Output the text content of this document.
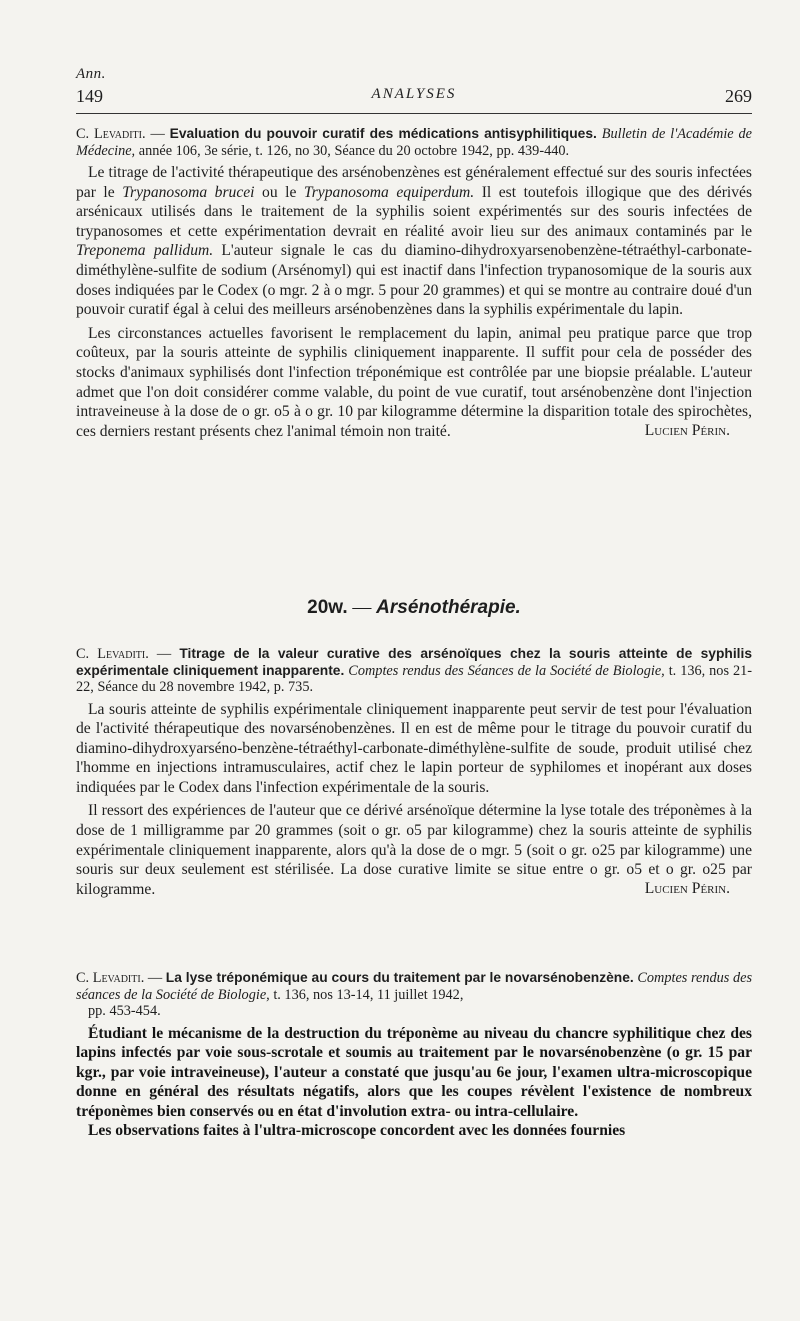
Ann.
149	ANALYSES	269

C. Levaditi. — Evaluation du pouvoir curatif des médications antisyphilitiques. Bulletin de l'Académie de Médecine, année 106, 3e série, t. 126, no 30, Séance du 20 octobre 1942, pp. 439-440.

Le titrage de l'activité thérapeutique des arsénobenzènes est généralement effectué sur des souris infectées par le Trypanosoma brucei ou le Trypanosoma equiperdum. Il est toutefois illogique que des dérivés arsénicaux utilisés dans le traitement de la syphilis soient expérimentés sur des souris infectées de trypanosomes et cette expérimentation devrait en réalité avoir lieu sur des animaux contaminés par le Treponema pallidum. L'auteur signale le cas du diamino-dihydroxyarsenobenzène-tétraéthyl-carbonate-diméthylène-sulfite de sodium (Arsénomyl) qui est inactif dans l'infection trypanosomique de la souris aux doses indiquées par le Codex (o mgr. 2 à o mgr. 5 pour 20 grammes) et qui se montre au contraire doué d'un pouvoir curatif égal à celui des meilleurs arsénobenzènes dans la syphilis expérimentale du lapin.

Les circonstances actuelles favorisent le remplacement du lapin, animal peu pratique parce que trop coûteux, par la souris atteinte de syphilis cliniquement inapparente. Il suffit pour cela de posséder des stocks d'animaux syphilisés dont l'infection tréponémique est contrôlée par une biopsie préalable. L'auteur admet que l'on doit considérer comme valable, du point de vue curatif, tout arsénobenzène dont l'injection intraveineuse à la dose de o gr. o5 à o gr. 10 par kilogramme détermine la disparition totale des spirochètes, ces derniers restant présents chez l'animal témoin non traité.	Lucien Périn.

20w. — Arsénothérapie.

C. Levaditi. — Titrage de la valeur curative des arsénoïques chez la souris atteinte de syphilis expérimentale cliniquement inapparente. Comptes rendus des Séances de la Société de Biologie, t. 136, nos 21-22, Séance du 28 novembre 1942, p. 735.

La souris atteinte de syphilis expérimentale cliniquement inapparente peut servir de test pour l'évaluation de l'activité thérapeutique des novarsénobenzènes. Il en est de même pour le titrage du pouvoir curatif du diamino-dihydroxyarséno-benzène-tétraéthyl-carbonate-diméthylène-sulfite de soude, produit utilisé chez l'homme en injections intramusculaires, actif chez le lapin porteur de syphilomes et inopérant aux doses indiquées par le Codex dans l'infection expérimentale de la souris.

Il ressort des expériences de l'auteur que ce dérivé arsénoïque détermine la lyse totale des tréponèmes à la dose de 1 milligramme par 20 grammes (soit o gr. o5 par kilogramme) chez la souris atteinte de syphilis expérimentale cliniquement inapparente, alors qu'à la dose de o mgr. 5 (soit o gr. o25 par kilogramme) une souris sur deux seulement est stérilisée. La dose curative limite se situe entre o gr. o5 et o gr. o25 par kilogramme.	Lucien Périn.

C. Levaditi. — La lyse tréponémique au cours du traitement par le novarsénobenzène. Comptes rendus des séances de la Société de Biologie, t. 136, nos 13-14, 11 juillet 1942,
pp. 453-454.

Étudiant le mécanisme de la destruction du tréponème au niveau du chancre syphilitique chez des lapins infectés par voie sous-scrotale et soumis au traitement par le novarsénobenzène (o gr. 15 par kgr., par voie intraveineuse), l'auteur a constaté que jusqu'au 6e jour, l'examen ultra-microscopique donne en général des résultats négatifs, alors que les coupes révèlent l'existence de nombreux tréponèmes bien conservés ou en état d'involution extra- ou intra-cellulaire.

Les observations faites à l'ultra-microscope concordent avec les données fournies
